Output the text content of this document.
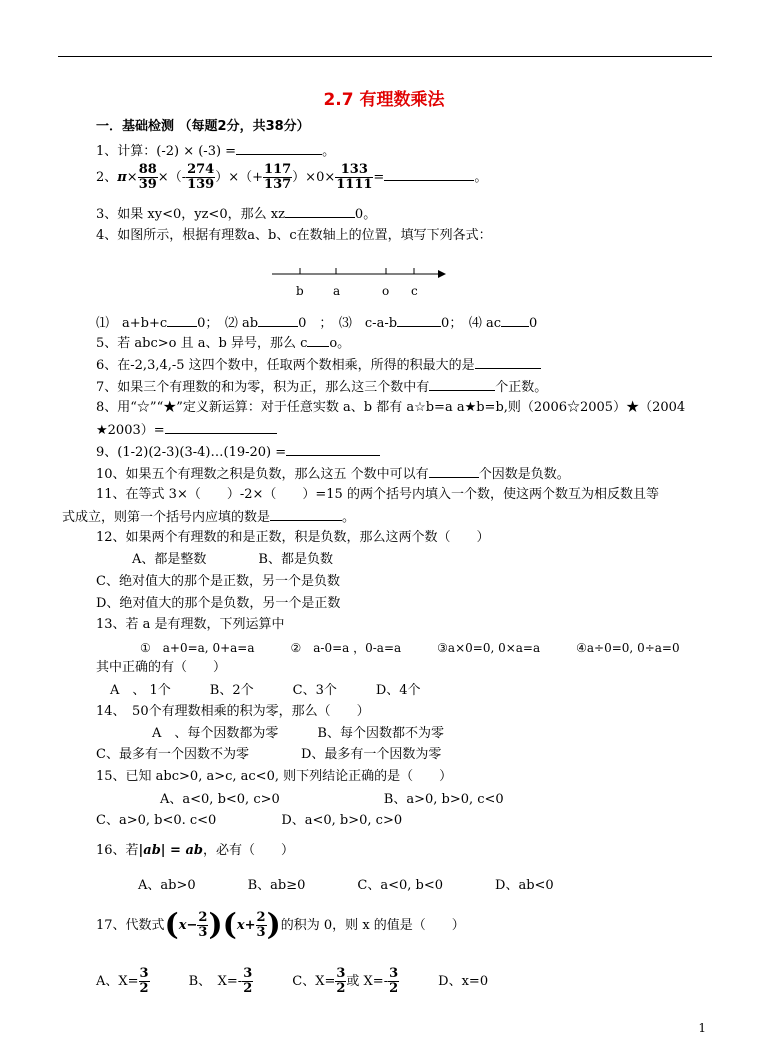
2.7 有理数乘法
一．基础检测 （每题2分，共38分）
1、计算：(-2) × (-3) =	。
2、$\pi\times \frac{88}{39}$ ×（- $\frac{274}{139}$ ）×（+ $\frac{117}{137} )\times 0\times \frac{133}{1111}$ =	。
3、如果 xy<0，yz<0，那么 xz	0。
4、如图所示，根据有理数a、b、c在数轴上的位置，填写下列各式：
b a	o c
⑴　a+b+c 0；　⑵ ab	0　；　⑶　c-a-b	0；　 ⑷ ac 0
5、若 abc>o 且 a、b 异号，那么 c o。
6、在-2,3,4,-5 这四个数中，任取两个数相乘，所得的积最大的是
7、如果三个有理数的和为零，积为正，那么这三个数中有	个正数。
8、用“☆”“★”定义新运算：对于任意实数 a、b 都有 a☆b=a a★b=b,则（2006☆2005）★（2004
★2003）=
9、(1-2)(2-3)(3-4)…(19-20) =
10、如果五个有理数之积是负数，那么这五 个数中可以有	个因数是负数。
11、在等式 3×（　　）-2×（　　）=15 的两个括号内填入一个数，使这两个数互为相反数且等
式成立，则第一个括号内应填的数是	。
12、如果两个有理数的和是正数，积是负数，那么这两个数（　　）
A、都是整数　　　　B、都是负数
C、绝对值大的那个是正数，另一个是负数
D、绝对值大的那个是负数，另一个是正数
13、若 a 是有理数，下列运算中
①　a+0=a, 0+a=a　　　②　a-0=a ，0-a=a　　　③a×0=0, 0×a=a　　　④a÷0=0, 0÷a=0
其中正确的有（　　）
A　、 1个　　　B、2个　　　C、3个　　　D、4个
14、　50个有理数相乘的积为零，那么（　　）
A　、每个因数都为零　　　B、每个因数都不为零
C、最多有一个因数不为零　　　　D、最多有一个因数为零
15、已知 abc>0, a>c, ac<0, 则下列结论正确的是（　　）
A、a<0, b<0, c>0　　　　　　　　B、a>0, b>0, c<0
C、a>0, b<0. c<0　　　　　D、a<0, b>0, c>0
16、若|ab| = ab，必有（　　）
A、ab>0　　　　B、ab≥0　　　　C、a<0, b<0　　　　D、ab<0
17、代数式$(x- \frac{2}{3} )(x+ \frac{2}{3}$ )的积为 0，则 x 的值是（　　）
A、$X= \frac{3}{2}$
　　　	B、　$X=- \frac{3}{2}$
　　　	C、$X= \frac{3}{2}$ 或 $X=- \frac{3}{2}$
　　　	D、x=0
1
